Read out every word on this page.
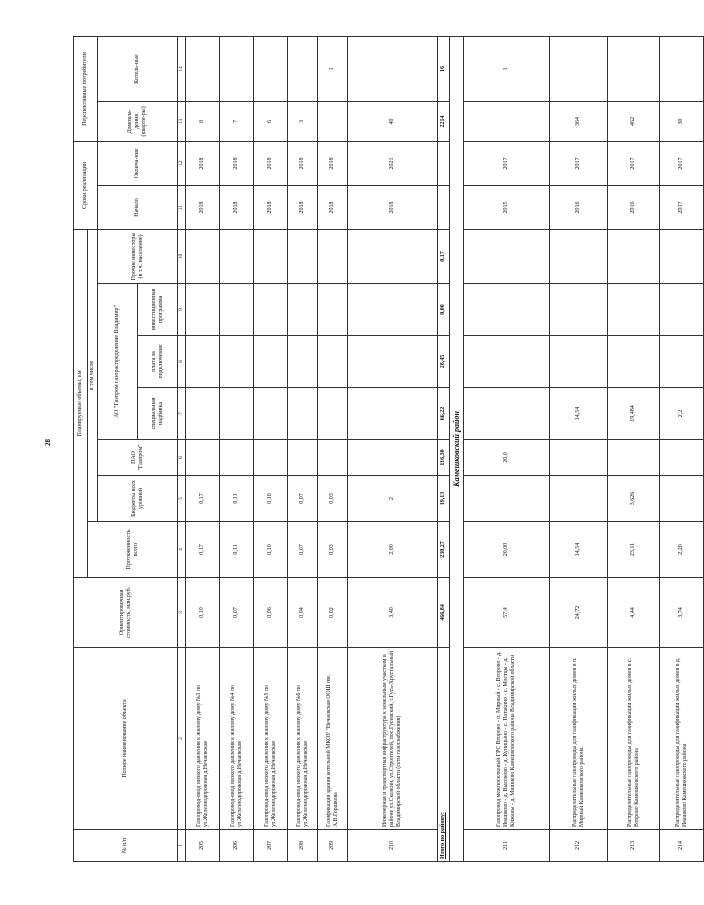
28
№ п/п	Полное наименование объекта	Ориентировочная стоимость, млн.руб.	Планируемые объемы, км							Сроки реализации		Перспективные потребители	
			Протяженность всего	в том числе									
				Бюджеты всех уровней	ПАО "Газпром"	АО "Газпром газораспределение Владимир"			Прочие инвесторы (в т.ч. население)	Начало	Оконча-ние	Домовла-дения (кварти-ры)	Котель-ные
						специальная надбавка	плата за подключение	инвестиционная программа					
1	2	3	4	5	6	7	8	9	10	11	12	13	14
205	Газопровод-ввод низкого давления к жилому дому №3 по ул.Железнодорожная д.Нечаевская	0,10	0,17	0,17						2018	2018	8	
206	Газопровод-ввод низкого давления к жилому дому №4 по ул.Железнодорожная д.Нечаевская	0,07	0,11	0,11						2018	2018	7	
207	Газопровод-ввод низкого давления к жилому дому №5 по ул.Железнодорожная д.Нечаевская	0,06	0,10	0,10						2018	2018	6	
208	Газопровод-ввод низкого давления к жилому дому №6 по ул.Железнодорожная д.Нечаевская	0,04	0,07	0,07						2018	2018	3	
209	Газификация здания котельной МКОУ "Нечаевская ООШ им. А.В.Горшкова	0,02	0,03	0,03						2018	2018		1
210	Инженерная и транспортная инфраструктура к земельным участкам в районе ул.Сказкин, ул.Строителей, пос.Гусевский, г.Гусь-Хрустальный Владимирской области (сети газоснабжения)	3,40	2,00	2						2018	2021	40	
Итого по району:		466,84	230,27	19,13	116,30	66,22	28,45	0,00	0,17			2214	16
Камешковский район													
211	Газопровод межпоселковый ГРС Второво - п. Мирный - с. Второво - д. Ивашково - д. Высоково - д. Куницыно - с. Патакино - с. Мостцы - д. Кижаны - д. Мишнево Камешковского района Владимирской области	57,4	20,00		20,0					2015	2017		1
212	Распределительные газопроводы для газификации жилых домов в п. Мирный Камешковского района	24,72	14,54			14,54				2016	2017	364	
213	Распределительные газопроводы для газификации жилых домов в с. Второво Камешковского района	4,44	23,11	3,626		19,484				2016	2017	462	
214	Распределительные газопроводы для газификации жилых домов в д. Ивашково Камешковского района	3,74	2,20			2,2				2017	2017	30	
